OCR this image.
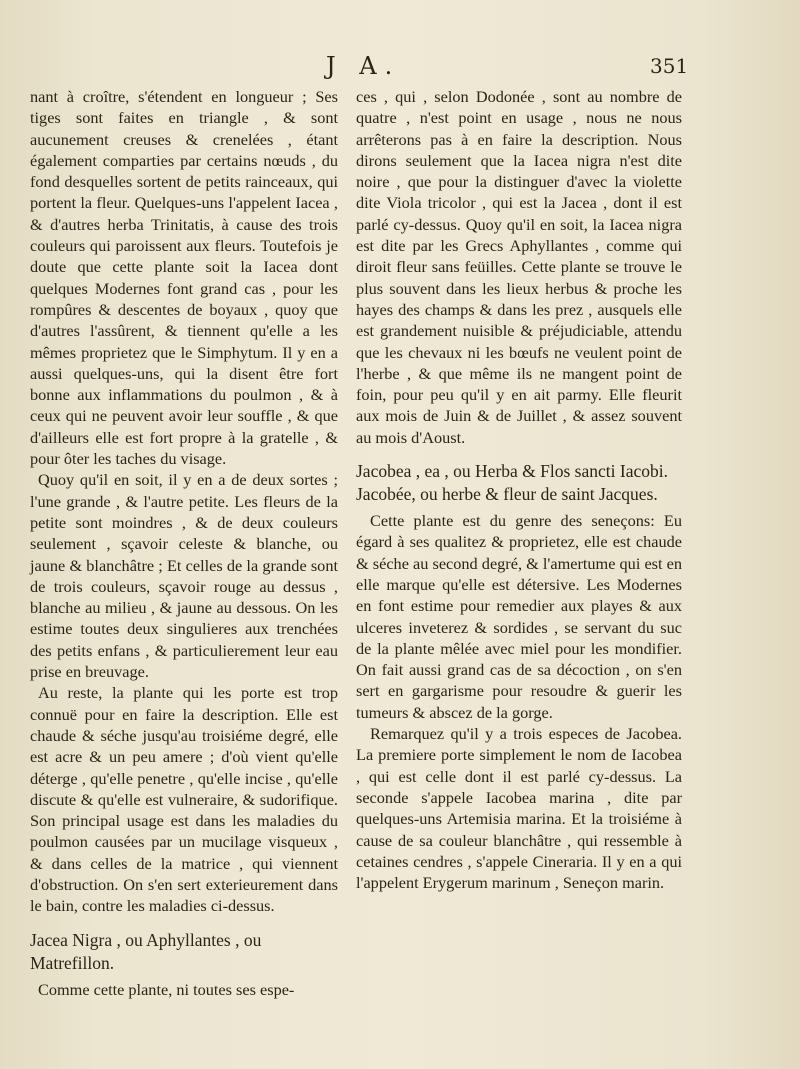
J A.	351

nant à croître, s'étendent en longueur ; Ses tiges sont faites en triangle , & sont aucunement creuses & crenelées , étant également comparties par certains nœuds , du fond desquelles sortent de petits rainceaux, qui portent la fleur. Quelques-uns l'appelent Iacea , & d'autres herba Trinitatis, à cause des trois couleurs qui paroissent aux fleurs. Toutefois je doute que cette plante soit la Iacea dont quelques Modernes font grand cas , pour les rompûres & descentes de boyaux , quoy que d'autres l'assûrent, & tiennent qu'elle a les mêmes proprietez que le Simphytum. Il y en a aussi quelques-uns, qui la disent être fort bonne aux inflammations du poulmon , & à ceux qui ne peuvent avoir leur souffle , & que d'ailleurs elle est fort propre à la gratelle , & pour ôter les taches du visage.

Quoy qu'il en soit, il y en a de deux sortes ; l'une grande , & l'autre petite. Les fleurs de la petite sont moindres , & de deux couleurs seulement , sçavoir celeste & blanche, ou jaune & blanchâtre ; Et celles de la grande sont de trois couleurs, sçavoir rouge au dessus , blanche au milieu , & jaune au dessous. On les estime toutes deux singulieres aux trenchées des petits enfans , & particulierement leur eau prise en breuvage.

Au reste, la plante qui les porte est trop connuë pour en faire la description. Elle est chaude & séche jusqu'au troisiéme degré, elle est acre & un peu amere ; d'où vient qu'elle déterge , qu'elle penetre , qu'elle incise , qu'elle discute & qu'elle est vulneraire, & sudorifique. Son principal usage est dans les maladies du poulmon causées par un mucilage visqueux , & dans celles de la matrice , qui viennent d'obstruction. On s'en sert exterieurement dans le bain, contre les maladies ci-dessus.

Jacea Nigra , ou Aphyllantes , ou Matrefillon.

Comme cette plante, ni toutes ses espe-

ces , qui , selon Dodonée , sont au nombre de quatre , n'est point en usage , nous ne nous arrêterons pas à en faire la description. Nous dirons seulement que la Iacea nigra n'est dite noire , que pour la distinguer d'avec la violette dite Viola tricolor , qui est la Jacea , dont il est parlé cy-dessus. Quoy qu'il en soit, la Iacea nigra est dite par les Grecs Aphyllantes , comme qui diroit fleur sans feüilles. Cette plante se trouve le plus souvent dans les lieux herbus & proche les hayes des champs & dans les prez , ausquels elle est grandement nuisible & préjudiciable, attendu que les chevaux ni les bœufs ne veulent point de l'herbe , & que même ils ne mangent point de foin, pour peu qu'il y en ait parmy. Elle fleurit aux mois de Juin & de Juillet , & assez souvent au mois d'Aoust.

Jacobea , ea , ou Herba & Flos sancti Iacobi. Jacobée, ou herbe & fleur de saint Jacques.

Cette plante est du genre des seneçons: Eu égard à ses qualitez & proprietez, elle est chaude & séche au second degré, & l'amertume qui est en elle marque qu'elle est détersive. Les Modernes en font estime pour remedier aux playes & aux ulceres inveterez & sordides , se servant du suc de la plante mêlée avec miel pour les mondifier. On fait aussi grand cas de sa décoction , on s'en sert en gargarisme pour resoudre & guerir les tumeurs & abscez de la gorge.

Remarquez qu'il y a trois especes de Jacobea. La premiere porte simplement le nom de Iacobea , qui est celle dont il est parlé cy-dessus. La seconde s'appele Iacobea marina , dite par quelques-uns Artemisia marina. Et la troisiéme à cause de sa couleur blanchâtre , qui ressemble à cetaines cendres , s'appele Cineraria. Il y en a qui l'appelent Erygerum marinum , Seneçon marin.
